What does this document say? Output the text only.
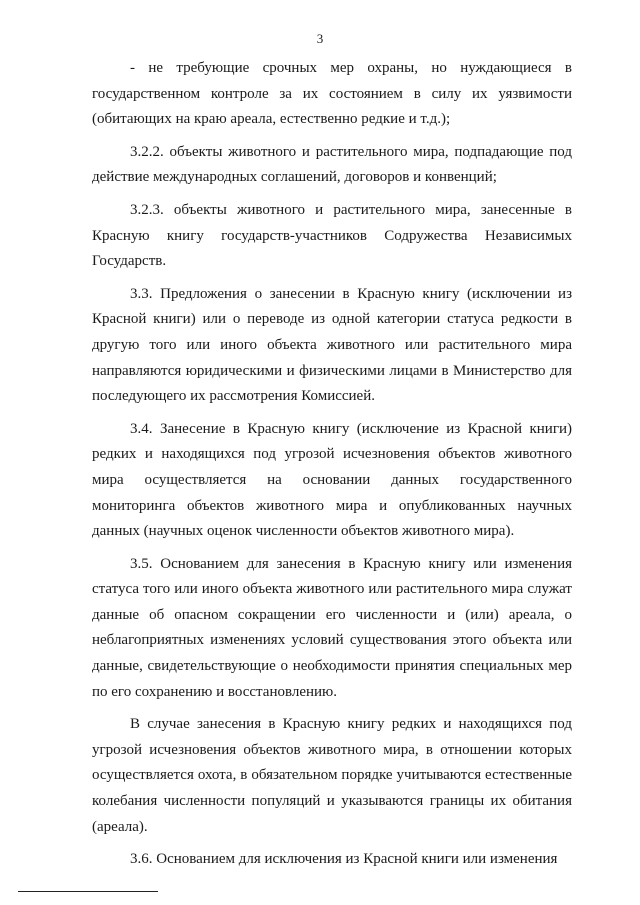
3

- не требующие срочных мер охраны, но нуждающиеся в государственном контроле за их состоянием в силу их уязвимости (обитающих на краю ареала, естественно редкие и т.д.);

3.2.2. объекты животного и растительного мира, подпадающие под действие международных соглашений, договоров и конвенций;

3.2.3. объекты животного и растительного мира, занесенные в Красную книгу государств-участников Содружества Независимых Государств.

3.3. Предложения о занесении в Красную книгу (исключении из Красной книги) или о переводе из одной категории статуса редкости в другую того или иного объекта животного или растительного мира направляются юридическими и физическими лицами в Министерство для последующего их рассмотрения Комиссией.

3.4. Занесение в Красную книгу (исключение из Красной книги) редких и находящихся под угрозой исчезновения объектов животного мира осуществляется на основании данных государственного мониторинга объектов животного мира и опубликованных научных данных (научных оценок численности объектов животного мира).

3.5. Основанием для занесения в Красную книгу или изменения статуса того или иного объекта животного или растительного мира служат данные об опасном сокращении его численности и (или) ареала, о неблагоприятных изменениях условий существования этого объекта или данные, свидетельствующие о необходимости принятия специальных мер по его сохранению и восстановлению.

В случае занесения в Красную книгу редких и находящихся под угрозой исчезновения объектов животного мира, в отношении которых осуществляется охота, в обязательном порядке учитываются естественные колебания численности популяций и указываются границы их обитания (ареала).

3.6. Основанием для исключения из Красной книги или изменения
